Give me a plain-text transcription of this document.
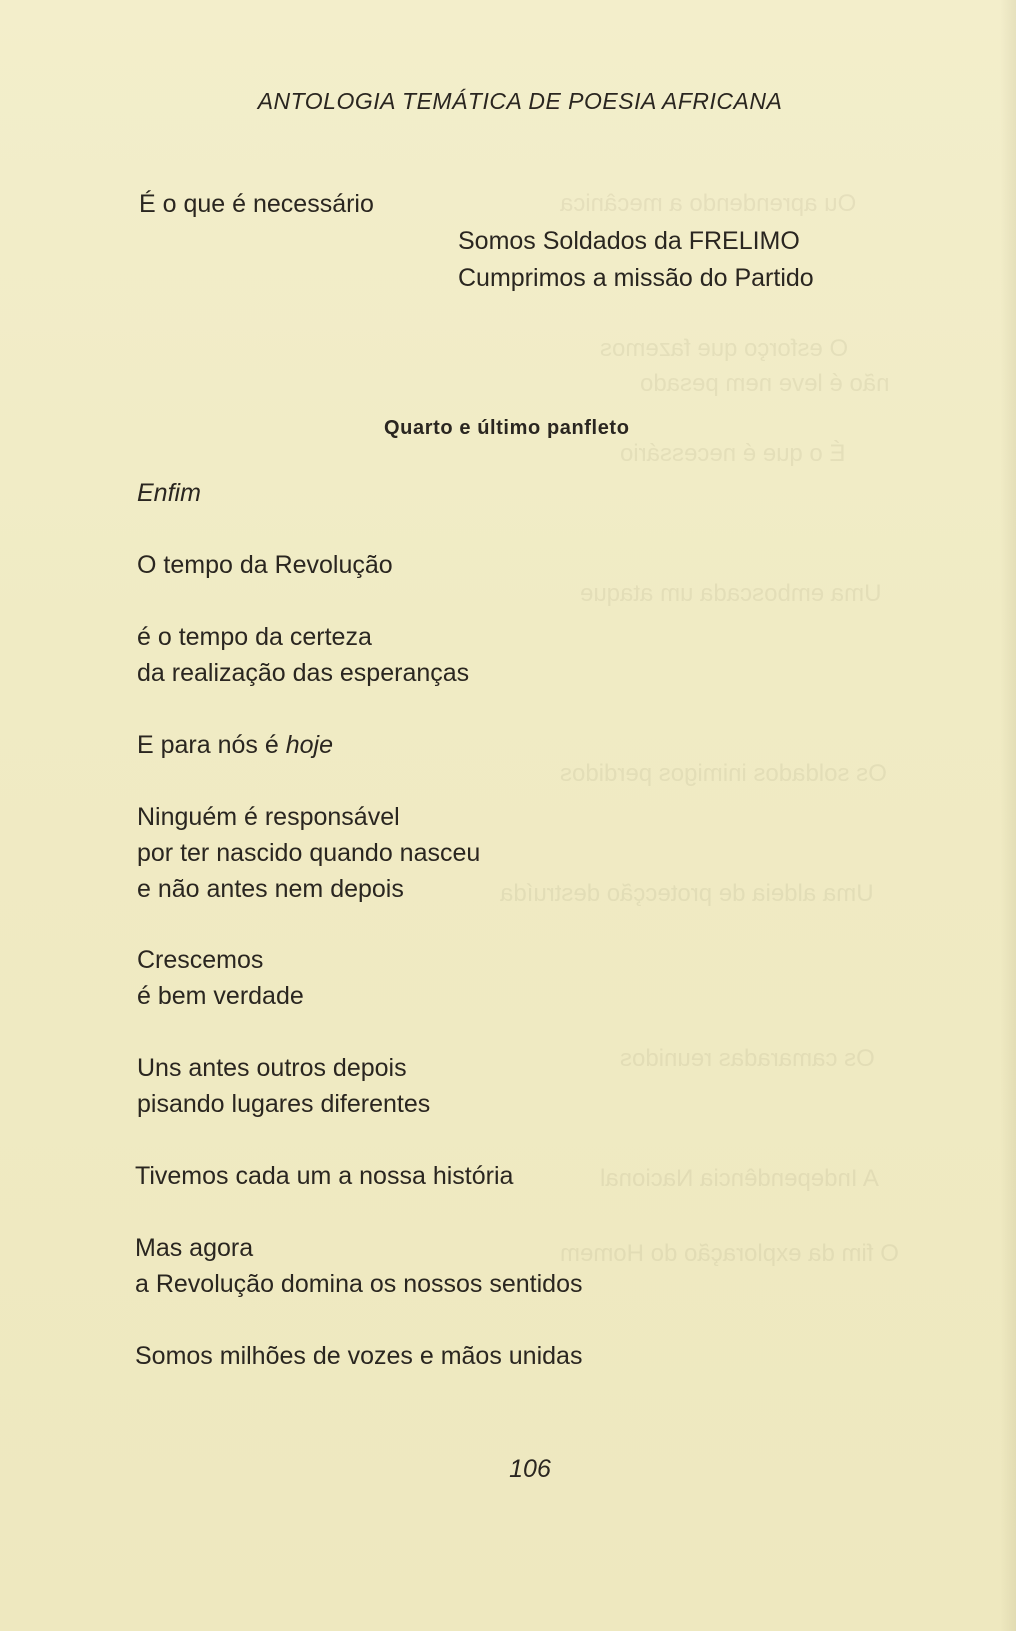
Ou aprendendo a mecânica
O esforço que fazemos
não é leve nem pesado
É o que é necessário
Uma emboscada um ataque
Os soldados inimigos perdidos
Uma aldeia de protecção destruída
Os camaradas reunidos
A Independência Nacional
O fim da exploração do Homem
ANTOLOGIA TEMÁTICA DE POESIA AFRICANA
É o que é necessário
Somos Soldados da FRELIMO
Cumprimos a missão do Partido
Quarto e último panfleto
Enfim
O tempo da Revolução
é o tempo da certeza
da realização das esperanças
E para nós é hoje
Ninguém é responsável
por ter nascido quando nasceu
e não antes nem depois
Crescemos
é bem verdade
Uns antes outros depois
pisando lugares diferentes
Tivemos cada um a nossa história
Mas agora
a Revolução domina os nossos sentidos
Somos milhões de vozes e mãos unidas
106
